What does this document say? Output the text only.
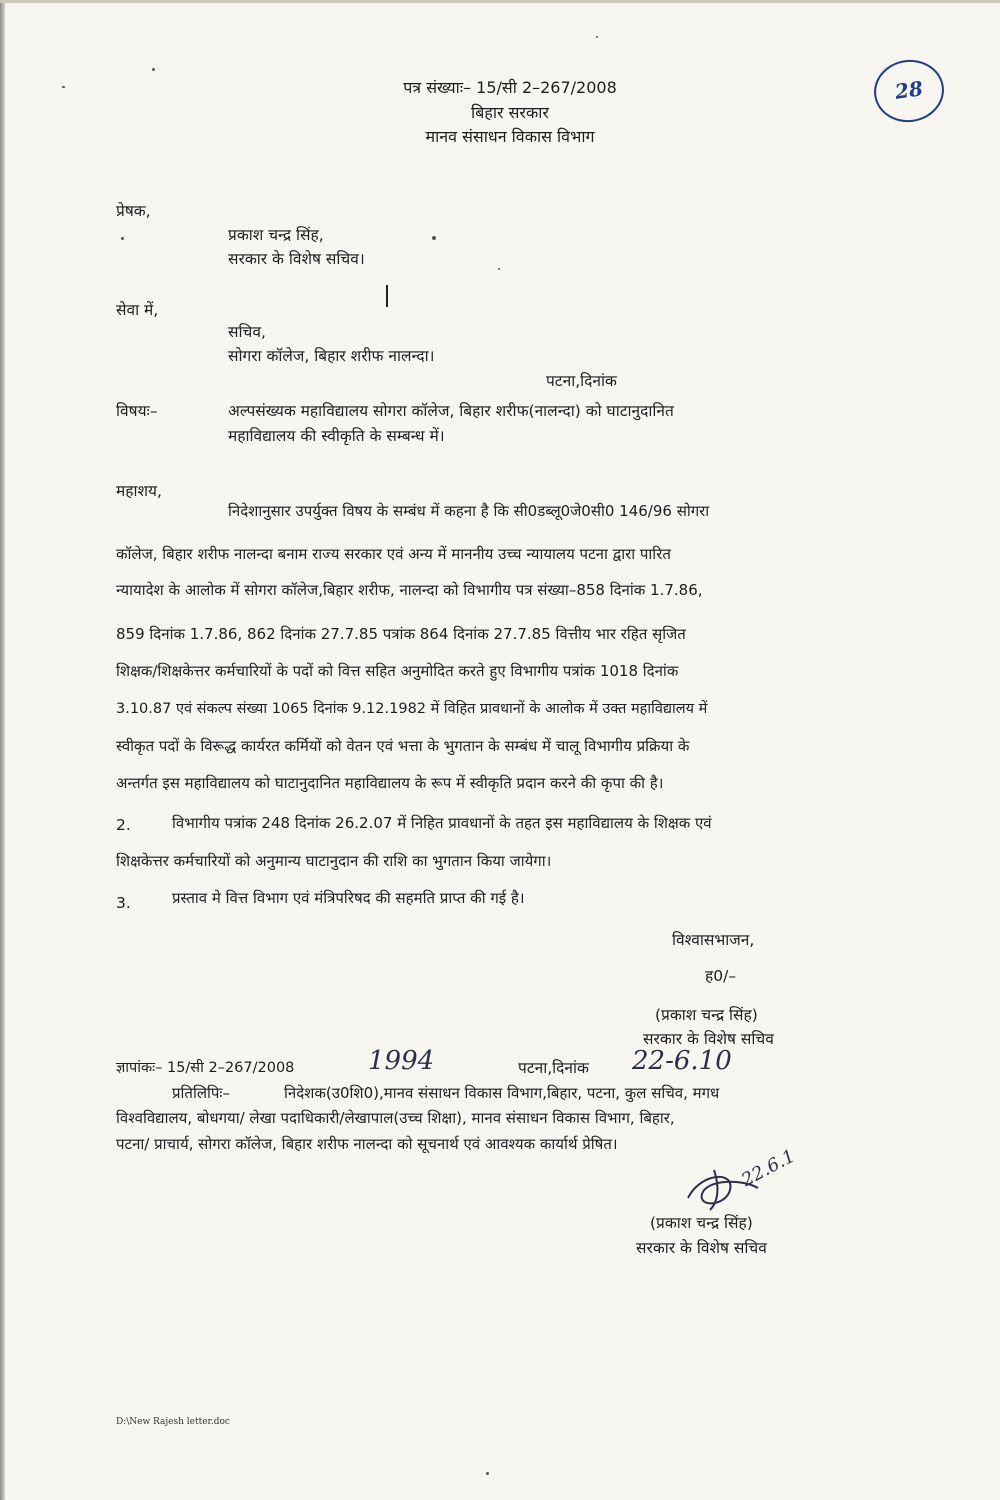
पत्र संख्याः– 15/सी 2–267/2008
बिहार सरकार
मानव संसाधन विकास विभाग
28
प्रेषक,
प्रकाश चन्द्र सिंह,
सरकार के विशेष सचिव।
सेवा में,
सचिव,
सोगरा कॉलेज, बिहार शरीफ नालन्दा।
पटना,दिनांक
विषयः–	अल्पसंख्यक महाविद्यालय सोगरा कॉलेज, बिहार शरीफ(नालन्दा) को घाटानुदानित
महाविद्यालय की स्वीकृति के सम्बन्ध में।
महाशय,
निदेशानुसार उपर्युक्त विषय के सम्बंध में कहना है कि सी0डब्लू0जे0सी0 146/96 सोगरा
कॉलेज, बिहार शरीफ नालन्दा बनाम राज्य सरकार एवं अन्य में माननीय उच्च न्यायालय पटना द्वारा पारित
न्यायादेश के आलोक में सोगरा कॉलेज,बिहार शरीफ, नालन्दा को विभागीय पत्र संख्या–858 दिनांक 1.7.86,
859 दिनांक 1.7.86, 862 दिनांक 27.7.85 पत्रांक 864 दिनांक 27.7.85 वित्तीय भार रहित सृजित
शिक्षक/शिक्षकेत्तर कर्मचारियों के पदों को वित्त सहित अनुमोदित करते हुए विभागीय पत्रांक 1018 दिनांक
3.10.87 एवं संकल्प संख्या 1065 दिनांक 9.12.1982 में विहित प्रावधानों के आलोक में उक्त महाविद्यालय में
स्वीकृत पदों के विरूद्ध कार्यरत कर्मियों को वेतन एवं भत्ता के भुगतान के सम्बंध में चालू विभागीय प्रक्रिया के
अन्तर्गत इस महाविद्यालय को घाटानुदानित महाविद्यालय के रूप में स्वीकृति प्रदान करने की कृपा की है।
2.	विभागीय पत्रांक 248 दिनांक 26.2.07 में निहित प्रावधानों के तहत इस महाविद्यालय के शिक्षक एवं
शिक्षकेत्तर कर्मचारियों को अनुमान्य घाटानुदान की राशि का भुगतान किया जायेगा।
3.	प्रस्ताव मे वित्त विभाग एवं मंत्रिपरिषद की सहमति प्राप्त की गई है।
विश्वासभाजन,
ह0/–
(प्रकाश चन्द्र सिंह)
सरकार के विशेष सचिव
ज्ञापांकः– 15/सी 2–267/2008	1994	पटना,दिनांक 22-6.10
प्रतिलिपिः–	निदेशक(उ0शि0),मानव संसाधन विकास विभाग,बिहार, पटना, कुल सचिव, मगध
विश्वविद्यालय, बोधगया/ लेखा पदाधिकारी/लेखापाल(उच्च शिक्षा), मानव संसाधन विकास विभाग, बिहार,
पटना/ प्राचार्य, सोगरा कॉलेज, बिहार शरीफ नालन्दा को सूचनार्थ एवं आवश्यक कार्यार्थ प्रेषित।
22.6.1
(प्रकाश चन्द्र सिंह)
सरकार के विशेष सचिव
D:\New Rajesh letter.doc
